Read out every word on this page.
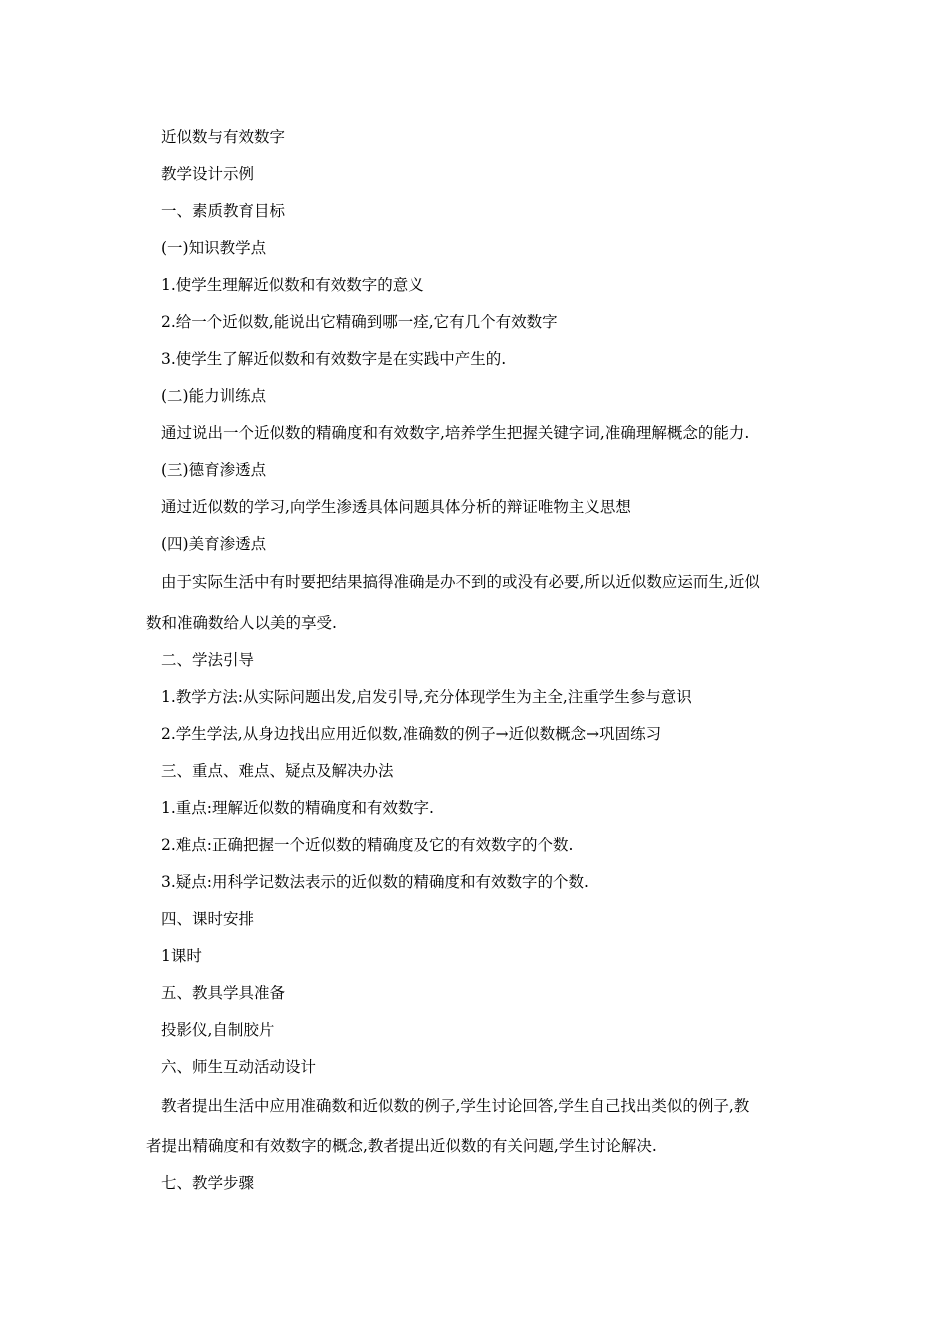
近似数与有效数字
教学设计示例
一、素质教育目标
(一)知识教学点
1.使学生理解近似数和有效数字的意义
2.给一个近似数,能说出它精确到哪一痊,它有几个有效数字
3.使学生了解近似数和有效数字是在实践中产生的.
(二)能力训练点
通过说出一个近似数的精确度和有效数字,培养学生把握关键字词,准确理解概念的能力.
(三)德育渗透点
通过近似数的学习,向学生渗透具体问题具体分析的辩证唯物主义思想
(四)美育渗透点
由于实际生活中有时要把结果搞得准确是办不到的或没有必要,所以近似数应运而生,近似
数和准确数给人以美的享受.
二、学法引导
1.教学方法:从实际问题出发,启发引导,充分体现学生为主全,注重学生参与意识
2.学生学法,从身边找出应用近似数,准确数的例子→近似数概念→巩固练习
三、重点、难点、疑点及解决办法
1.重点:理解近似数的精确度和有效数字.
2.难点:正确把握一个近似数的精确度及它的有效数字的个数.
3.疑点:用科学记数法表示的近似数的精确度和有效数字的个数.
四、课时安排
1课时
五、教具学具准备
投影仪,自制胶片
六、师生互动活动设计
教者提出生活中应用准确数和近似数的例子,学生讨论回答,学生自己找出类似的例子,教
者提出精确度和有效数字的概念,教者提出近似数的有关问题,学生讨论解决.
七、教学步骤
